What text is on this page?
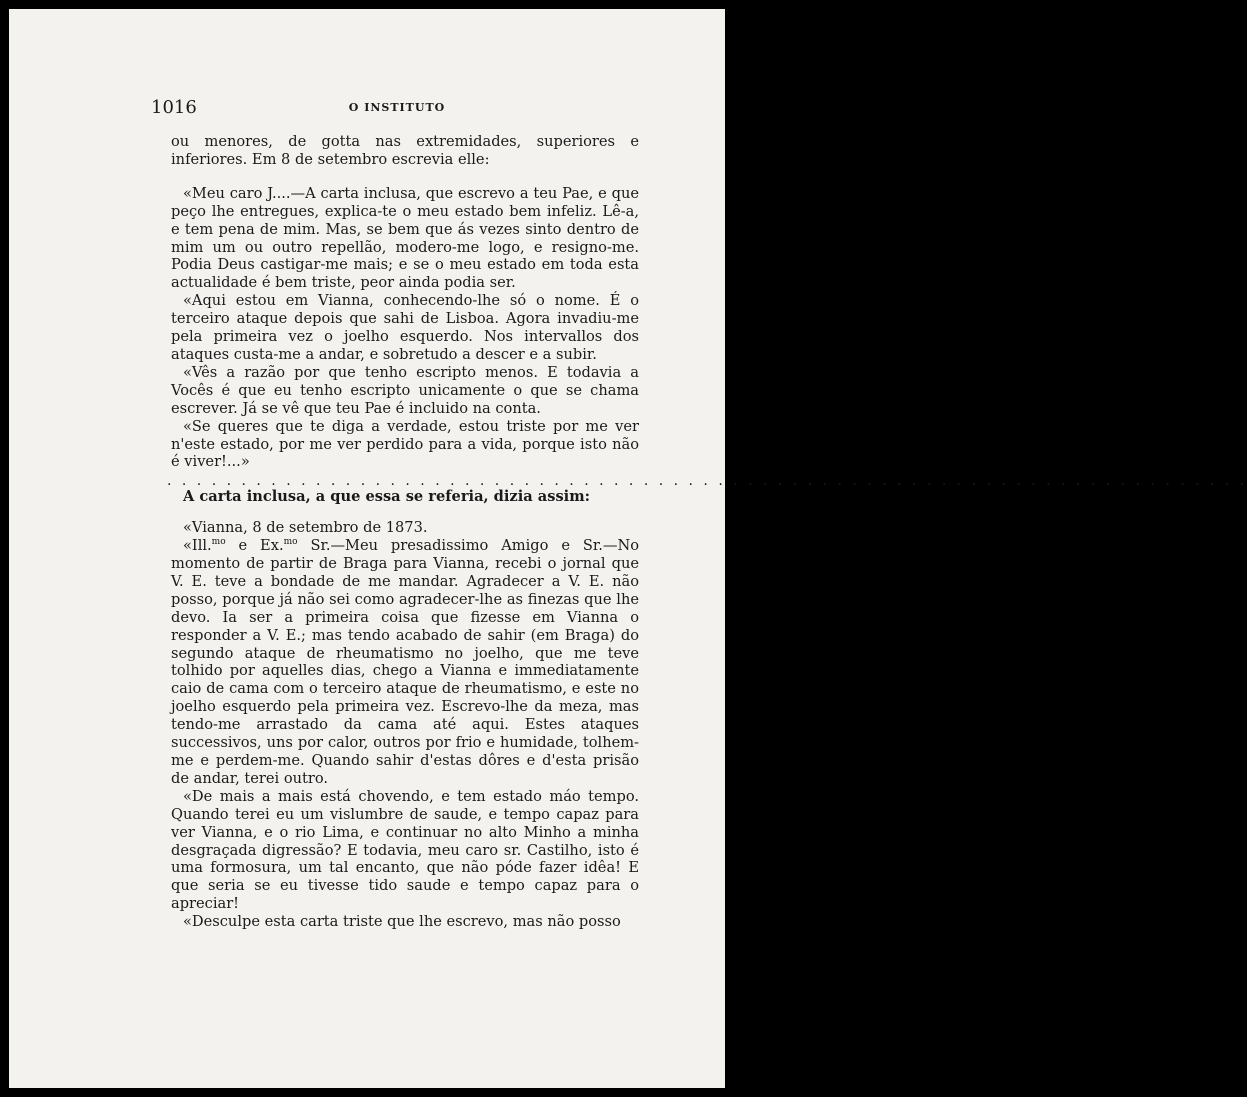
1016	O INSTITUTO

ou menores, de gotta nas extremidades, superiores e inferiores. Em 8 de setembro escrevia elle:

«Meu caro J....—A carta inclusa, que escrevo a teu Pae, e que peço lhe entregues, explica-te o meu estado bem infeliz. Lê-a, e tem pena de mim. Mas, se bem que ás vezes sinto dentro de mim um ou outro repellão, modero-me logo, e resigno-me. Podia Deus castigar-me mais; e se o meu estado em toda esta actualidade é bem triste, peor ainda podia ser.

«Aqui estou em Vianna, conhecendo-lhe só o nome. É o terceiro ataque depois que sahi de Lisboa. Agora invadiu-me pela primeira vez o joelho esquerdo. Nos intervallos dos ataques custa-me a andar, e sobretudo a descer e a subir.

«Vês a razão por que tenho escripto menos. E todavia a Vocês é que eu tenho escripto unicamente o que se chama escrever. Já se vê que teu Pae é incluido na conta.

«Se queres que te diga a verdade, estou triste por me ver n'este estado, por me ver perdido para a vida, porque isto não é viver!...»

. . . . . . . . . . . . . . . . . . . . . . . . . . . . . . . . . . . . . . . . . . . . . . . . . . . . . . . . . . . . . . . . . . . . . . . . .

A carta inclusa, a que essa se referia, dizia assim:

«Vianna, 8 de setembro de 1873.

«Ill.$^{mo}$ e Ex.$^{mo}$ Sr.—Meu presadissimo Amigo e Sr.—No momento de partir de Braga para Vianna, recebi o jornal que V. E. teve a bondade de me mandar. Agradecer a V. E. não posso, porque já não sei como agradecer-lhe as finezas que lhe devo. Ia ser a primeira coisa que fizesse em Vianna o responder a V. E.; mas tendo acabado de sahir (em Braga) do segundo ataque de rheumatismo no joelho, que me teve tolhido por aquelles dias, chego a Vianna e immediatamente caio de cama com o terceiro ataque de rheumatismo, e este no joelho esquerdo pela primeira vez. Escrevo-lhe da meza, mas tendo-me arrastado da cama até aqui. Estes ataques successivos, uns por calor, outros por frio e humidade, tolhem-me e perdem-me. Quando sahir d'estas dôres e d'esta prisão de andar, terei outro.

«De mais a mais está chovendo, e tem estado máo tempo. Quando terei eu um vislumbre de saude, e tempo capaz para ver Vianna, e o rio Lima, e continuar no alto Minho a minha desgraçada digressão? E todavia, meu caro sr. Castilho, isto é uma formosura, um tal encanto, que não póde fazer idêa! E que seria se eu tivesse tido saude e tempo capaz para o apreciar!

«Desculpe esta carta triste que lhe escrevo, mas não posso
